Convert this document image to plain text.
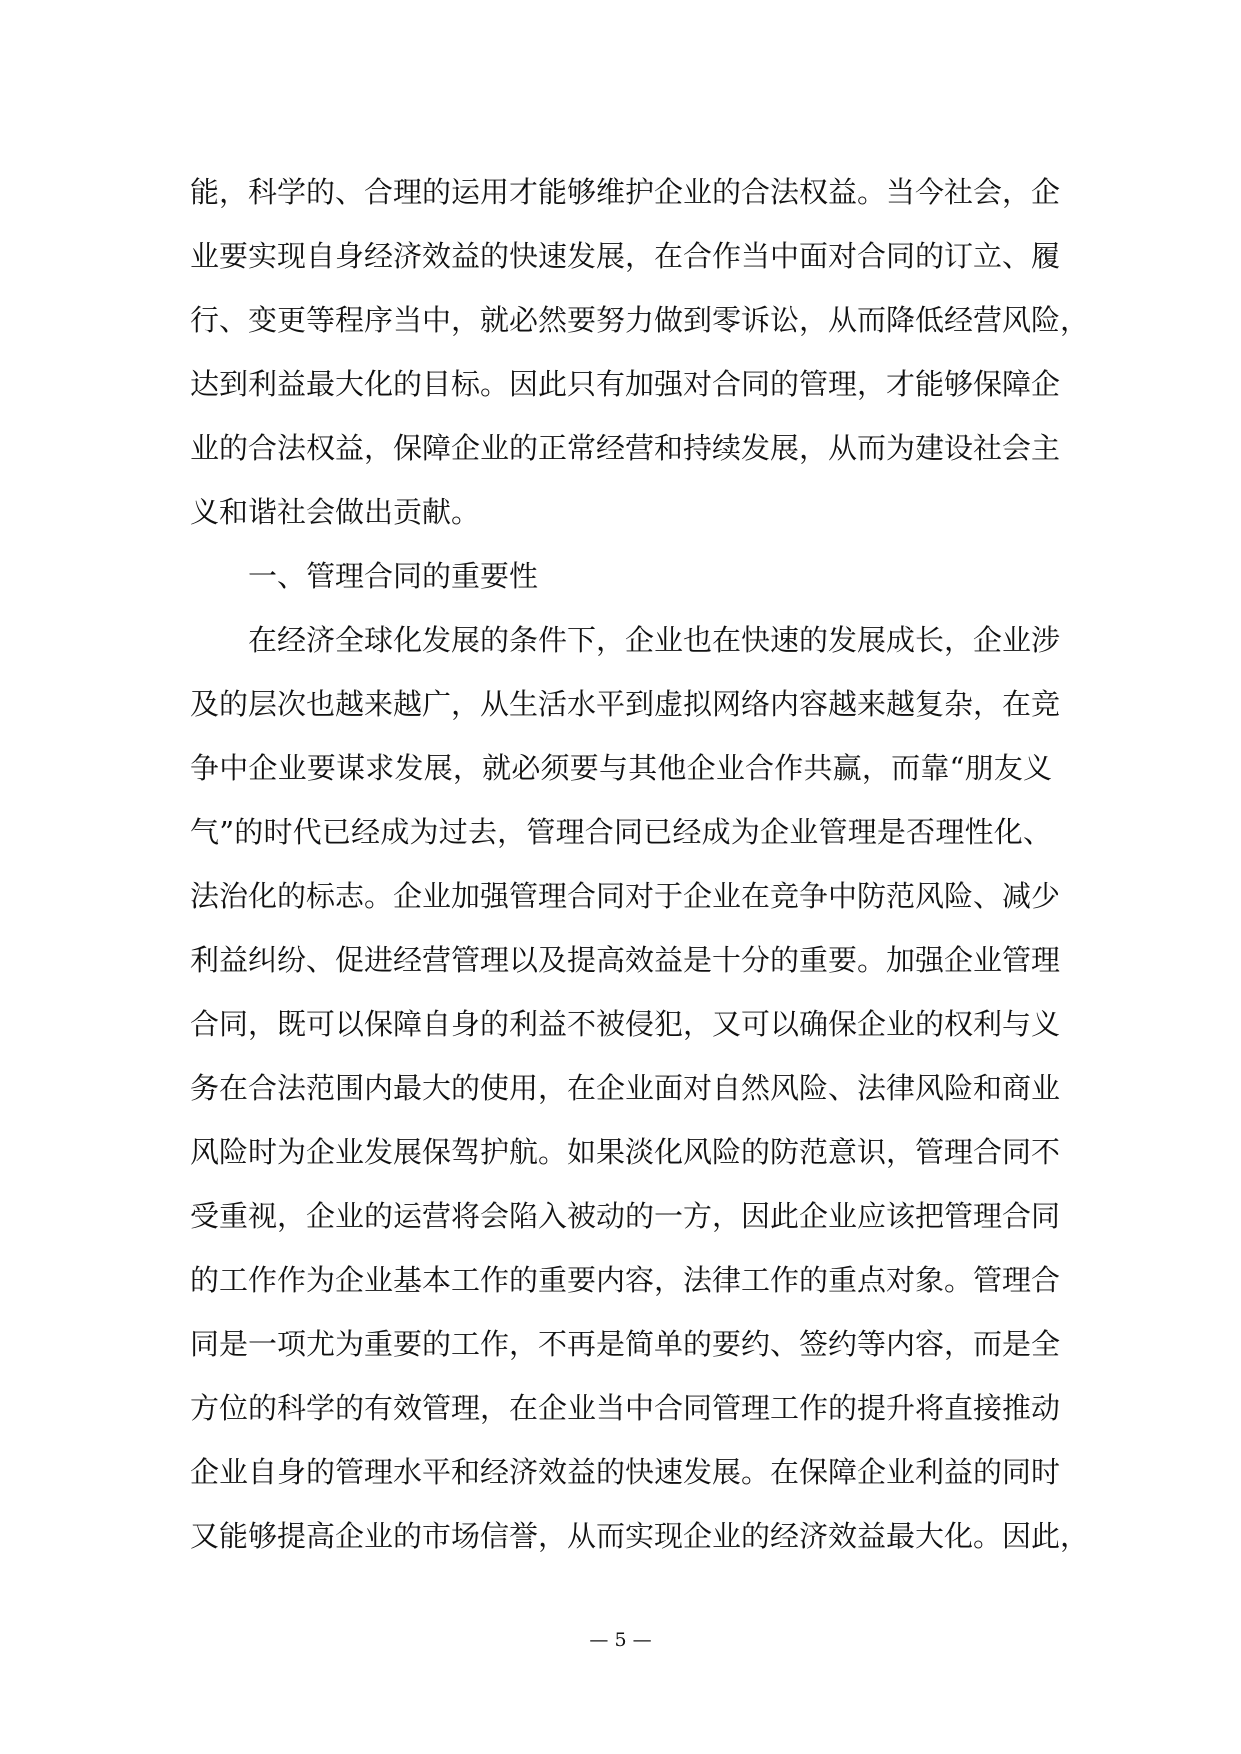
能，科学的、合理的运用才能够维护企业的合法权益。当今社会，企
业要实现自身经济效益的快速发展，在合作当中面对合同的订立、履
行、变更等程序当中，就必然要努力做到零诉讼，从而降低经营风险，
达到利益最大化的目标。因此只有加强对合同的管理，才能够保障企
业的合法权益，保障企业的正常经营和持续发展，从而为建设社会主
义和谐社会做出贡献。
一、管理合同的重要性
在经济全球化发展的条件下，企业也在快速的发展成长，企业涉
及的层次也越来越广，从生活水平到虚拟网络内容越来越复杂，在竞
争中企业要谋求发展，就必须要与其他企业合作共赢，而靠“朋友义
气”的时代已经成为过去，管理合同已经成为企业管理是否理性化、
法治化的标志。企业加强管理合同对于企业在竞争中防范风险、减少
利益纠纷、促进经营管理以及提高效益是十分的重要。加强企业管理
合同，既可以保障自身的利益不被侵犯，又可以确保企业的权利与义
务在合法范围内最大的使用，在企业面对自然风险、法律风险和商业
风险时为企业发展保驾护航。如果淡化风险的防范意识，管理合同不
受重视，企业的运营将会陷入被动的一方，因此企业应该把管理合同
的工作作为企业基本工作的重要内容，法律工作的重点对象。管理合
同是一项尤为重要的工作，不再是简单的要约、签约等内容，而是全
方位的科学的有效管理，在企业当中合同管理工作的提升将直接推动
企业自身的管理水平和经济效益的快速发展。在保障企业利益的同时
又能够提高企业的市场信誉，从而实现企业的经济效益最大化。因此，
— 5 —
